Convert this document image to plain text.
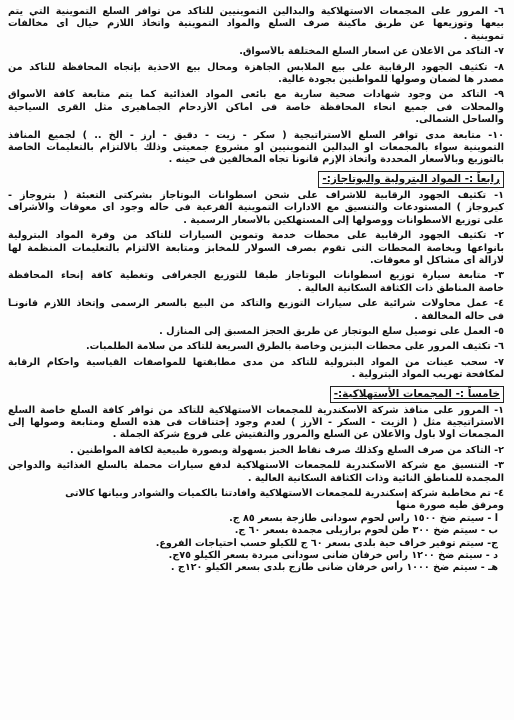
٦- المرور على المجمعات الاستهلاكية والبدالين التموينيين للتأكد من توافر السلع التموينية التي يتم

بيعها وتوزيعها عن طريق ماكينة صرف السلع والمواد التموينية وأتخاذ اللازم حيال أى مخالفات

تموينية .

٧- التأكد من الأعلان عن أسعار السلع المختلفة بالأسواق.

٨- تكثيف الجهود الرقابية على بيع الملابس الجاهزة ومحال بيع الاحذية بإتجاه المحافظة للتأكد من

مصدر ها لضمان وصولها للمواطنين بجودة عالية.

٩- التأكد من وجود شهادات صحية سارية مع بائعى المواد الغذائية كما يتم متابعة كافة الأسواق

والمحلات فى جميع أنحاء المحافظة خاصة فى أماكن الأزدحام الجماهيرى مثل القرى السياحية

والساحل الشمالى.

١٠- متابعة مدى توافر السلع الأستراتيجية ( سكر - زيت - دقيق - أرز - ألخ .. ) لجميع المنافذ

التموينية سواء بالمجمعات أو البدالين التموينيين أو مشروع جمعيتى وذلك بالألتزام بالتعليمات الخاصة

بالتوزيع وبالأسعار المحددة وأتخاذ الإزم قانوناً تجاه المخالفين فى حينه .

رابعاً :- المواد البترولية والبوتاجاز:-

١- تكثيف الجهود الرقابية للاشراف على شحن اسطوانات البوتاجاز بشركتى التعبئة ( بتروجاز -

كيروجاز ) المستودعات والتنسيق مع الادارات التموينية الفرعية فى حاله وجود أى معوقات والأشراف

على توزيع الأسطوانات ووصولها إلى المستهلكين بالأسعار الرسمية .

٢- تكثيف الجهود الرقابية على محطات خدمة وتموين السيارات للتأكد من وفرة المواد البترولية

بأنواعها وبخاصة المحطات التى تقوم بصرف السولار للمخابز ومتابعة الألتزام بالتعليمات المنظمة لها

لازالة أى مشاكل أو معوقات.

٣- متابعة سيارة توزيع اسطوانات البوتاجاز طبقا للتوزيع الجغرافى وتغطية كافة إنحاء المحافظة

خاصة المناطق ذات الكثافة السكانية العالية .

٤- عمل محاولات شرائية على سيارات التوزيع والتأكد من البيع بالسعر الرسمى وإتخاذ اللازم قانونـاً

فى حاله المخالفة .

٥- العمل على توصيل سلع البوتجاز عن طريق الحجز المسبق إلى المنازل .

٦- تكثيف المرور على محطات البنزين وخاصة بالطرق السريعة للتأكد من سلامة الطلمبات.

٧- سحب عينات من المواد البترولية للتأكد من مدى مطابقتها للمواصفات القياسية وأحكام الرقابة

لمكافحة تهريب المواد البترولية .

خامساً :- المجمعات الأستهلاكية:-

١- المرور على منافذ شركة الأسكندرية للمجمعات الأستهلاكية للتأكد من توافر كافة السلع خاصة السلع

الأستراتيجية مثل ( الزيت - السكر - الأرز ) لعدم وجود إختناقات فى هذه السلع ومتابعة وصولها إلى

المجمعات أولا بأول والأعلان عن السلع والمرور والتفتيش على فروع شركة الجملة .

٢- التأكد من صرف السلع وكذلك صرف نقاط الخبز بسهولة وبصورة طبيعية لكافة المواطنين .

٣- التنسيق مع شركة الأسكندرية للمجمعات الأستهلاكية لدفع سيارات محملة بالسلع الغذائية والدواجن

المجمدة للمناطق النائية وذات الكثافة السكانية العالية .

٤- تم مخاطبة شركة إسكندرية للمجمعات الأستهلاكية وافادتنا بالكميات والشوادر وبيانها كالاتى

ومرفق طيه صورة منها

أ - سيتم ضخ ١٥٠٠ رأس لحوم سودانى طازجة بسعر ٨٥ ج.

ب - سيتم ضخ ٣٠٠ طن لحوم برازيلى مجمدة بسعر ٦٠ ج.

ج- سيتم توفير خراف حية بلدى بسعر ٦٠ ج للكيلو حسب أحتياجات الفروع.

د - سيتم ضخ ١٢٠٠ رأس خرفان ضانى سودانى مبردة بسعر الكيلو ٧٥ج.

هـ - سيتم ضخ ١٠٠٠ رأس خرفان ضانى طازج بلدى بسعر الكيلو ١٢٠ج .
